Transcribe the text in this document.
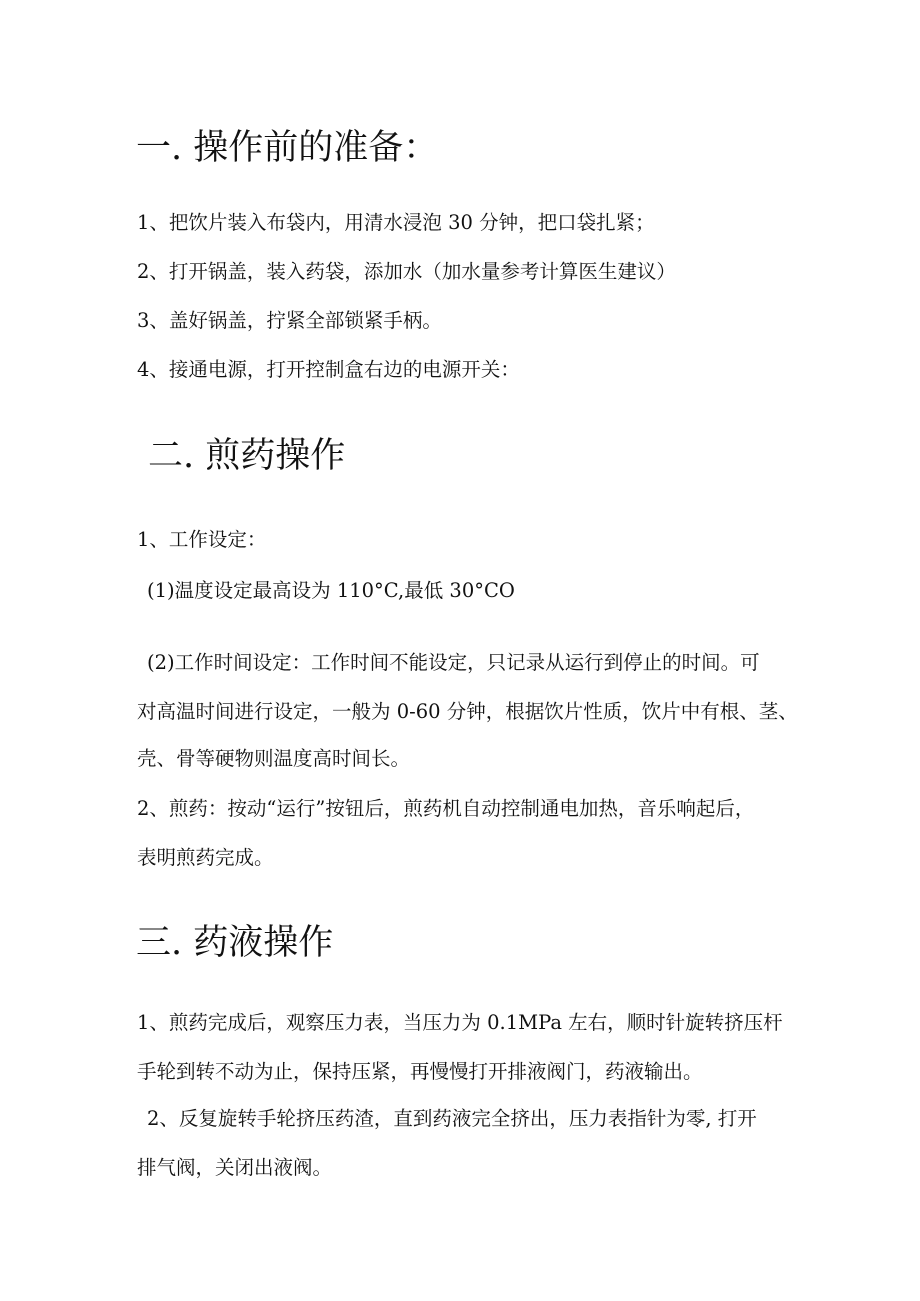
一. 操作前的准备：

1、把饮片装入布袋内，用清水浸泡 30 分钟，把口袋扎紧；

2、打开锅盖，装入药袋，添加水（加水量参考计算医生建议）

3、盖好锅盖，拧紧全部锁紧手柄。

4、接通电源，打开控制盒右边的电源开关：

二. 煎药操作

1、工作设定：

(1)温度设定最高设为 110°C,最低 30°CO

(2)工作时间设定：工作时间不能设定，只记录从运行到停止的时间。可

对高温时间进行设定，一般为 0-60 分钟，根据饮片性质，饮片中有根、茎、

壳、骨等硬物则温度高时间长。

2、煎药：按动“运行”按钮后，煎药机自动控制通电加热，音乐响起后，

表明煎药完成。

三. 药液操作

1、煎药完成后，观察压力表，当压力为 0.1MPa 左右，顺时针旋转挤压杆

手轮到转不动为止，保持压紧，再慢慢打开排液阀门，药液输出。

2、反复旋转手轮挤压药渣，直到药液完全挤出，压力表指针为零, 打开

排气阀，关闭出液阀。
